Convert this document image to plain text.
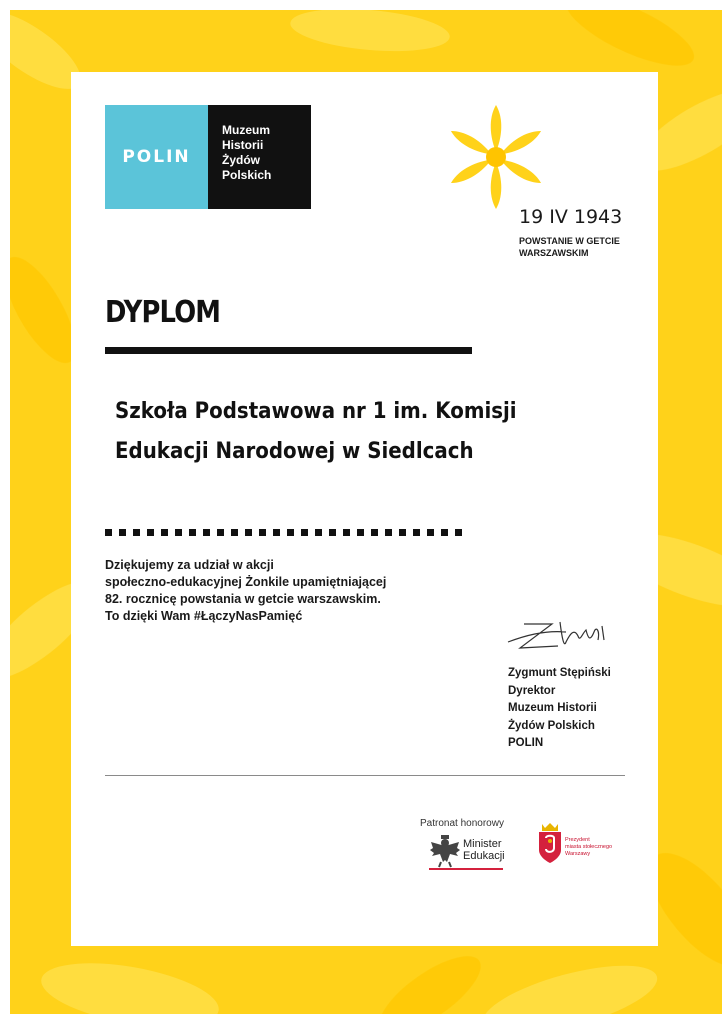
POLIN
Muzeum
Historii
Żydów
Polskich
19 IV 1943
POWSTANIE W GETCIE WARSZAWSKIM
DYPLOM
Szkoła Podstawowa nr 1 im. Komisji
Edukacji Narodowej w Siedlcach
Dziękujemy za udział w akcji
społeczno-edukacyjnej Żonkile upamiętniającej
82. rocznicę powstania w getcie warszawskim.
To dzięki Wam #ŁączyNasPamięć
Zygmunt Stępiński
Dyrektor
Muzeum Historii
Żydów Polskich
POLIN
Patronat honorowy
Minister
Edukacji
Prezydent
miasta stołecznego
Warszawy
